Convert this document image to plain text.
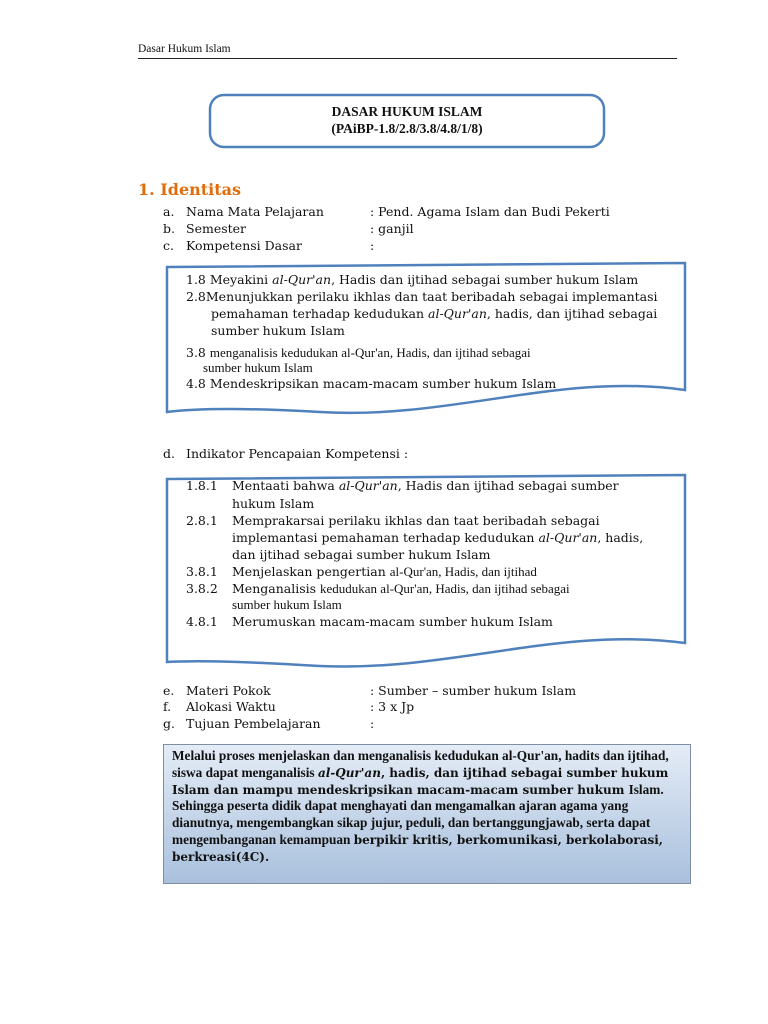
Dasar Hukum Islam
DASAR HUKUM ISLAM
(PAiBP-1.8/2.8/3.8/4.8/1/8)
1. Identitas
a. Nama Mata Pelajaran	: Pend. Agama Islam dan Budi Pekerti
b. Semester	: ganjil
c. Kompetensi Dasar	:
1.8 Meyakini al-Qur'an, Hadis dan ijtihad sebagai sumber hukum Islam
2.8Menunjukkan perilaku ikhlas dan taat beribadah sebagai implemantasi
pemahaman terhadap kedudukan al-Qur'an, hadis, dan ijtihad sebagai
sumber hukum Islam
3.8 menganalisis kedudukan al-Qur'an, Hadis, dan ijtihad sebagai
sumber hukum Islam
4.8 Mendeskripsikan macam-macam sumber hukum Islam
d. Indikator Pencapaian Kompetensi :
1.8.1 Mentaati bahwa al-Qur'an, Hadis dan ijtihad sebagai sumber
hukum Islam
2.8.1 Memprakarsai perilaku ikhlas dan taat beribadah sebagai
implemantasi pemahaman terhadap kedudukan al-Qur'an, hadis,
dan ijtihad sebagai sumber hukum Islam
3.8.1 Menjelaskan pengertian al-Qur'an, Hadis, dan ijtihad
3.8.2 Menganalisis kedudukan al-Qur'an, Hadis, dan ijtihad sebagai
sumber hukum Islam
4.8.1 Merumuskan macam-macam sumber hukum Islam
e. Materi Pokok	: Sumber – sumber hukum Islam
f. Alokasi Waktu	: 3 x Jp
g. Tujuan Pembelajaran	:
Melalui proses menjelaskan dan menganalisis kedudukan al-Qur'an, hadits dan ijtihad, siswa dapat menganalisis al-Qur'an, hadis, dan ijtihad sebagai sumber hukum Islam dan mampu mendeskripsikan macam-macam sumber hukum Islam. Sehingga peserta didik dapat menghayati dan mengamalkan ajaran agama yang dianutnya, mengembangkan sikap jujur, peduli, dan bertanggungjawab, serta dapat mengembanganan kemampuan berpikir kritis, berkomunikasi, berkolaborasi, berkreasi(4C).
